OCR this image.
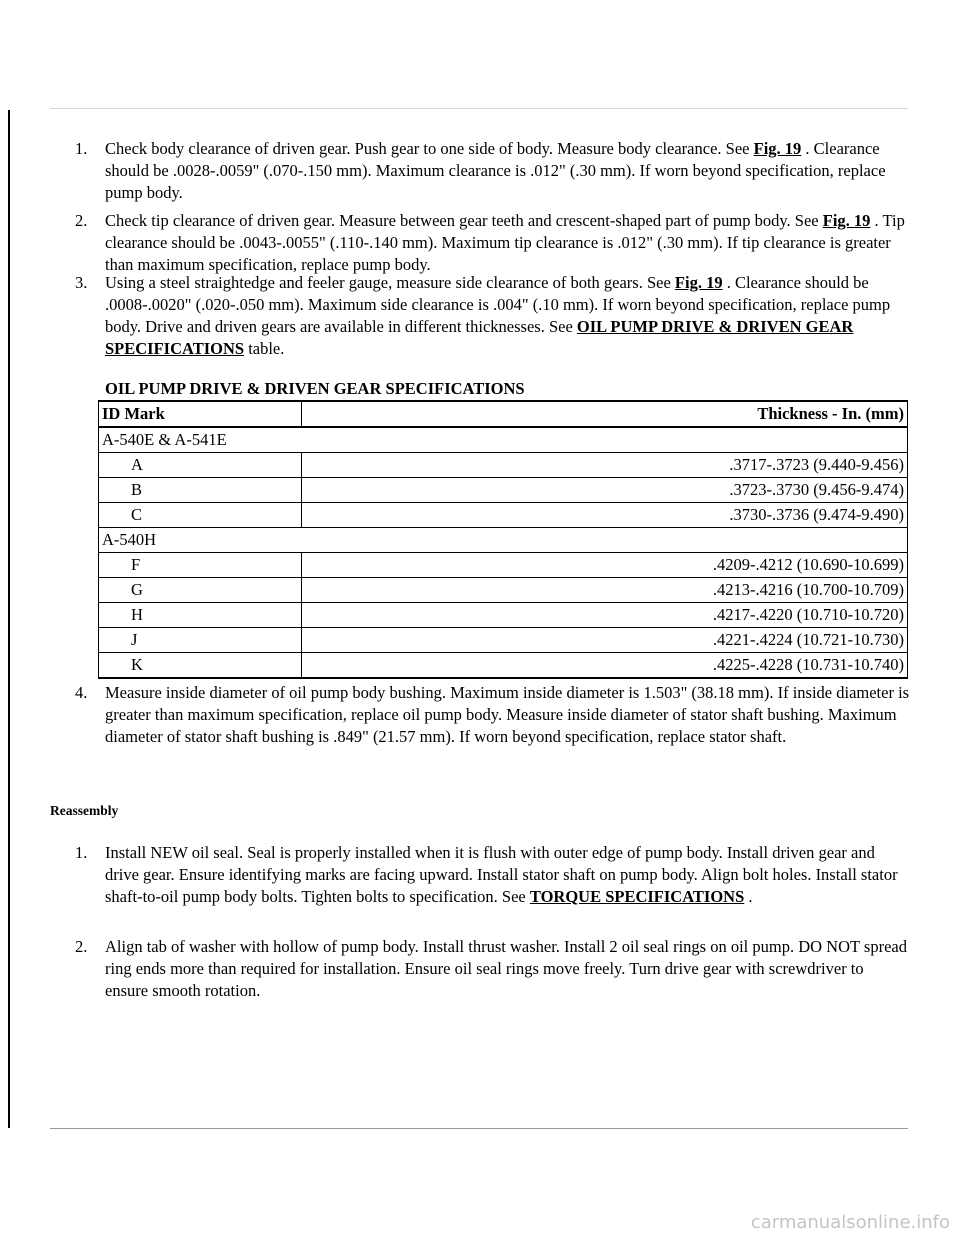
1. Check body clearance of driven gear. Push gear to one side of body. Measure body clearance. See Fig. 19 . Clearance should be .0028-.0059" (.070-.150 mm). Maximum clearance is .012" (.30 mm). If worn beyond specification, replace pump body.
2. Check tip clearance of driven gear. Measure between gear teeth and crescent-shaped part of pump body. See Fig. 19 . Tip clearance should be .0043-.0055" (.110-.140 mm). Maximum tip clearance is .012" (.30 mm). If tip clearance is greater than maximum specification, replace pump body.
3. Using a steel straightedge and feeler gauge, measure side clearance of both gears. See Fig. 19 . Clearance should be .0008-.0020" (.020-.050 mm). Maximum side clearance is .004" (.10 mm). If worn beyond specification, replace pump body. Drive and driven gears are available in different thicknesses. See OIL PUMP DRIVE & DRIVEN GEAR SPECIFICATIONS table.
OIL PUMP DRIVE & DRIVEN GEAR SPECIFICATIONS
ID Mark	Thickness - In. (mm)
A-540E & A-541E	
A	.3717-.3723 (9.440-9.456)
B	.3723-.3730 (9.456-9.474)
C	.3730-.3736 (9.474-9.490)
A-540H	
F	.4209-.4212 (10.690-10.699)
G	.4213-.4216 (10.700-10.709)
H	.4217-.4220 (10.710-10.720)
J	.4221-.4224 (10.721-10.730)
K	.4225-.4228 (10.731-10.740)
4. Measure inside diameter of oil pump body bushing. Maximum inside diameter is 1.503" (38.18 mm). If inside diameter is greater than maximum specification, replace oil pump body. Measure inside diameter of stator shaft bushing. Maximum diameter of stator shaft bushing is .849" (21.57 mm). If worn beyond specification, replace stator shaft.
Reassembly
1. Install NEW oil seal. Seal is properly installed when it is flush with outer edge of pump body. Install driven gear and drive gear. Ensure identifying marks are facing upward. Install stator shaft on pump body. Align bolt holes. Install stator shaft-to-oil pump body bolts. Tighten bolts to specification. See TORQUE SPECIFICATIONS .
2. Align tab of washer with hollow of pump body. Install thrust washer. Install 2 oil seal rings on oil pump. DO NOT spread ring ends more than required for installation. Ensure oil seal rings move freely. Turn drive gear with screwdriver to ensure smooth rotation.
carmanualsonline.info
